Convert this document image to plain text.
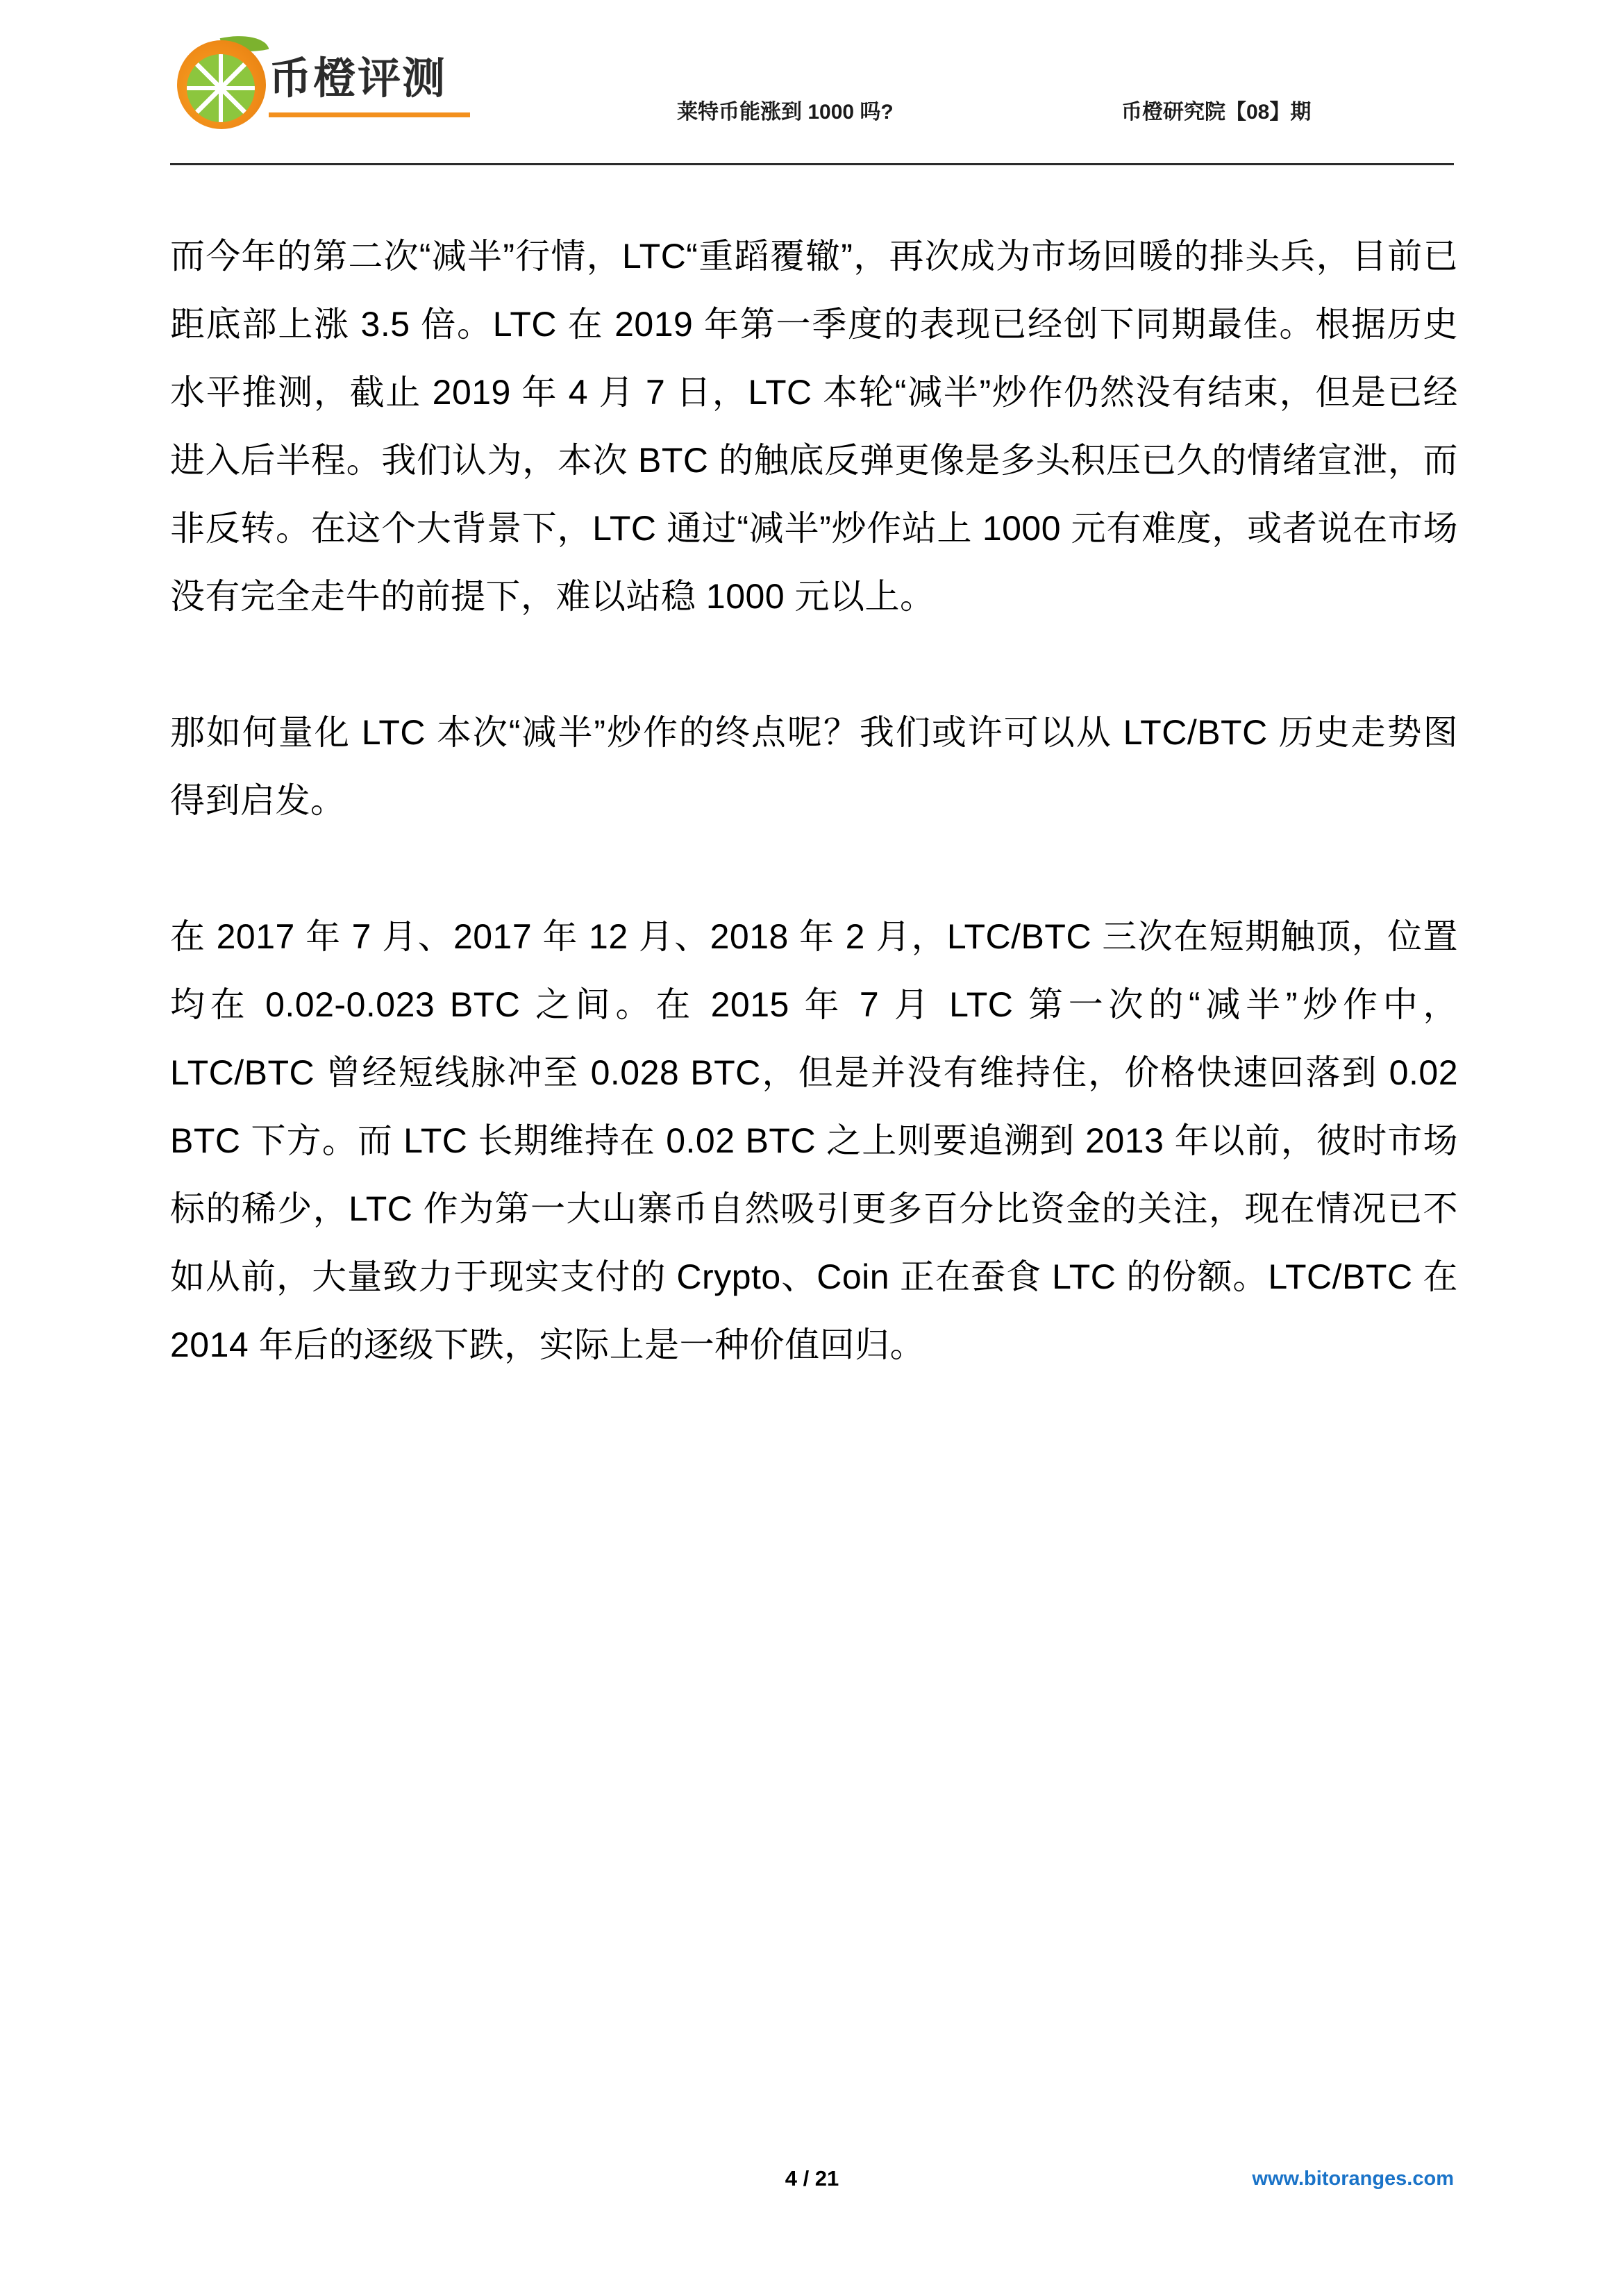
币橙评测
莱特币能涨到 1000 吗?	币橙研究院【08】期

而今年的第二次“减半”行情，LTC“重蹈覆辙”，再次成为市场回暖的排头兵，目前已距底部上涨 3.5 倍。LTC 在 2019 年第一季度的表现已经创下同期最佳。根据历史水平推测，截止 2019 年 4 月 7 日，LTC 本轮“减半”炒作仍然没有结束，但是已经进入后半程。我们认为，本次 BTC 的触底反弹更像是多头积压已久的情绪宣泄，而非反转。在这个大背景下，LTC 通过“减半”炒作站上 1000 元有难度，或者说在市场没有完全走牛的前提下，难以站稳 1000 元以上。

那如何量化 LTC 本次“减半”炒作的终点呢？我们或许可以从 LTC/BTC 历史走势图得到启发。

在 2017 年 7 月、2017 年 12 月、2018 年 2 月，LTC/BTC 三次在短期触顶，位置均在 0.02-0.023 BTC 之间。在 2015 年 7 月 LTC 第一次的“减半”炒作中，LTC/BTC 曾经短线脉冲至 0.028 BTC，但是并没有维持住，价格快速回落到 0.02 BTC 下方。而 LTC 长期维持在 0.02 BTC 之上则要追溯到 2013 年以前，彼时市场标的稀少，LTC 作为第一大山寨币自然吸引更多百分比资金的关注，现在情况已不如从前，大量致力于现实支付的 Crypto、Coin 正在蚕食 LTC 的份额。LTC/BTC 在 2014 年后的逐级下跌，实际上是一种价值回归。

4 / 21	www.bitoranges.com
